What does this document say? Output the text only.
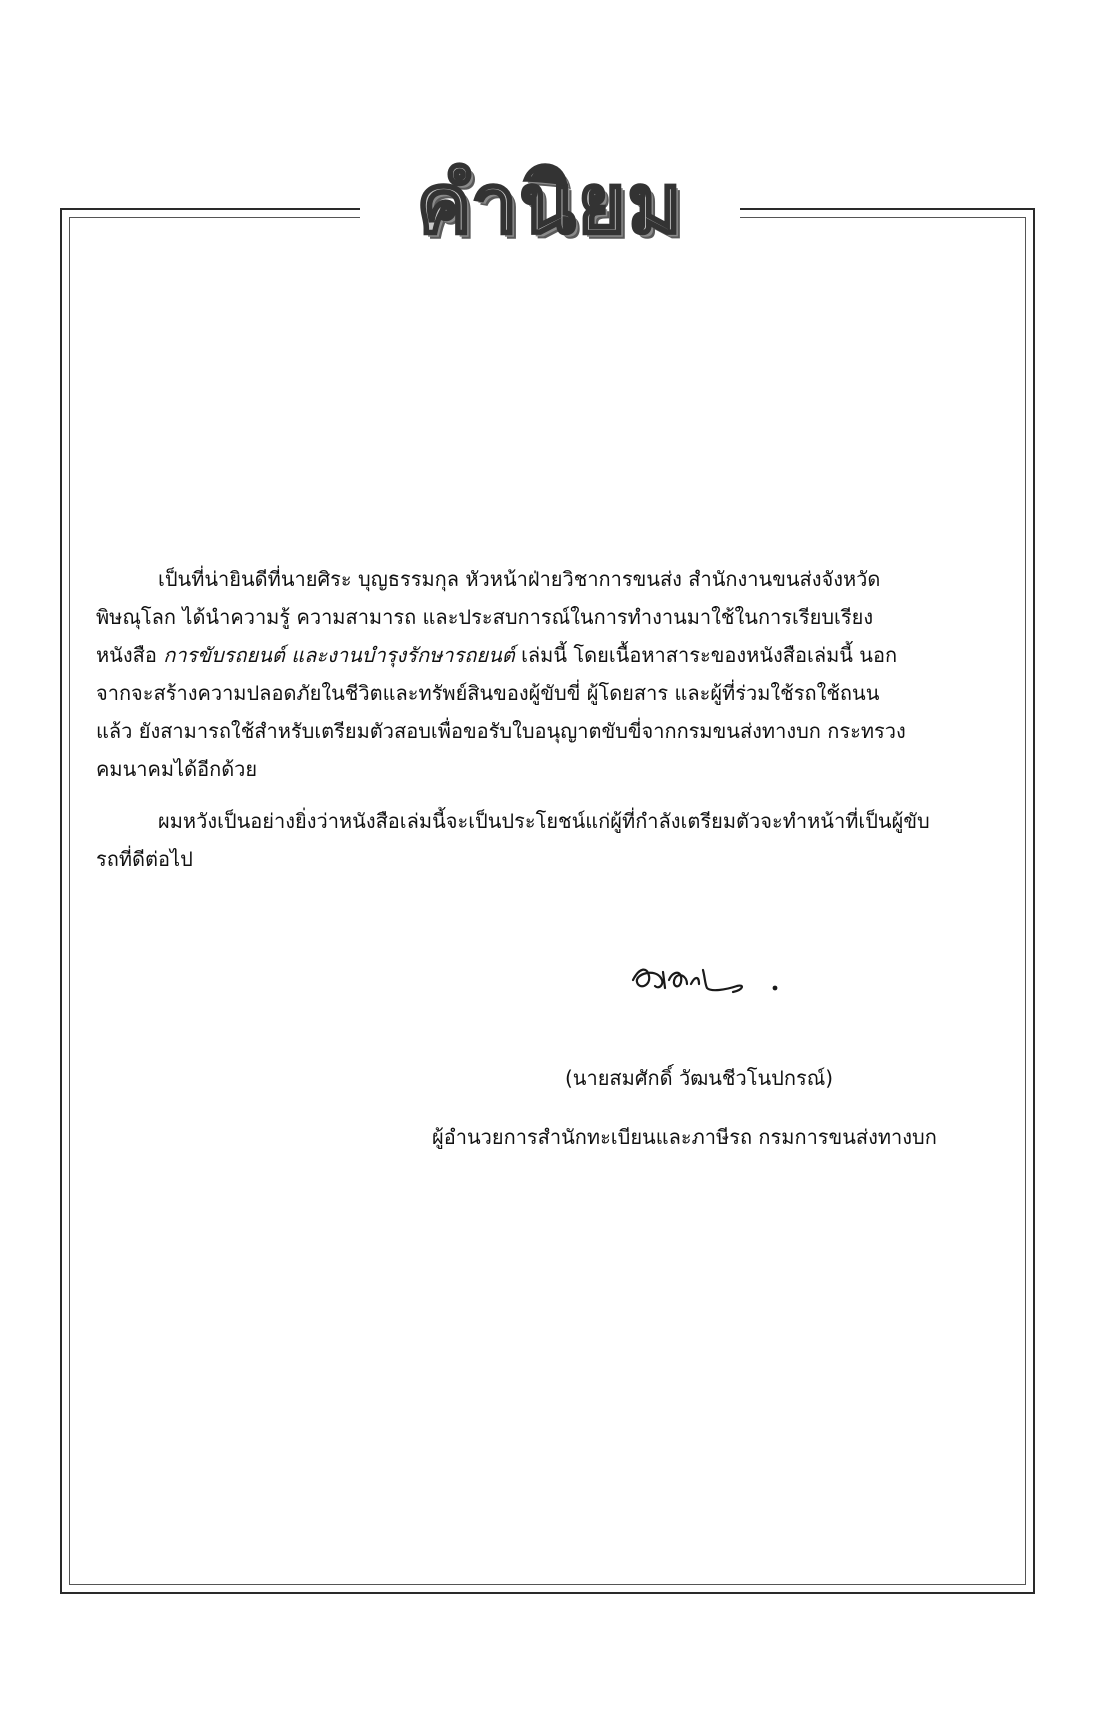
คำนิยม

เป็นที่น่ายินดีที่นายศิระ บุญธรรมกุล หัวหน้าฝ่ายวิชาการขนส่ง สำนักงานขนส่งจังหวัด
พิษณุโลก ได้นำความรู้ ความสามารถ และประสบการณ์ในการทำงานมาใช้ในการเรียบเรียง
หนังสือ การขับรถยนต์ และงานบำรุงรักษารถยนต์ เล่มนี้ โดยเนื้อหาสาระของหนังสือเล่มนี้ นอก
จากจะสร้างความปลอดภัยในชีวิตและทรัพย์สินของผู้ขับขี่ ผู้โดยสาร และผู้ที่ร่วมใช้รถใช้ถนน
แล้ว ยังสามารถใช้สำหรับเตรียมตัวสอบเพื่อขอรับใบอนุญาตขับขี่จากกรมขนส่งทางบก กระทรวง
คมนาคมได้อีกด้วย

ผมหวังเป็นอย่างยิ่งว่าหนังสือเล่มนี้จะเป็นประโยชน์แก่ผู้ที่กำลังเตรียมตัวจะทำหน้าที่เป็นผู้ขับ
รถที่ดีต่อไป

(นายสมศักดิ์ วัฒนชีวโนปกรณ์)
ผู้อำนวยการสำนักทะเบียนและภาษีรถ กรมการขนส่งทางบก
